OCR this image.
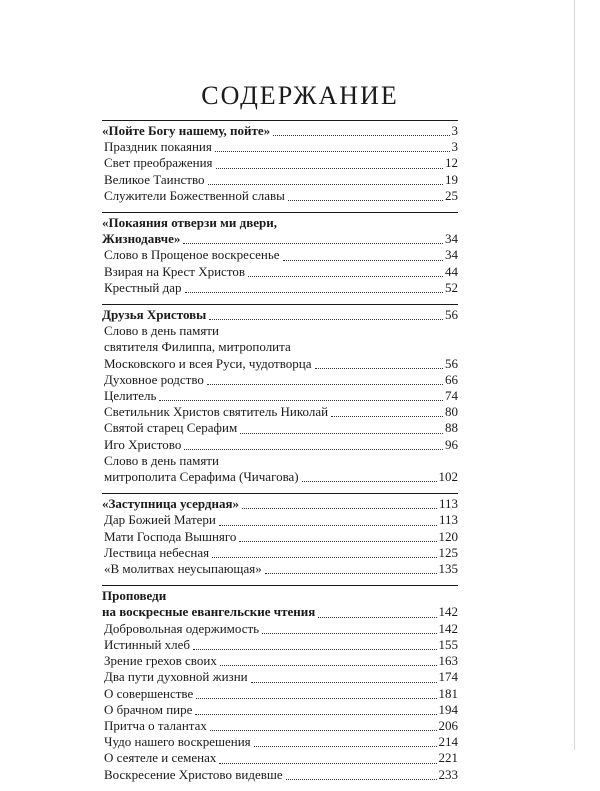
СОДЕРЖАНИЕ
«Пойте Богу нашему, пойте»	3
Праздник покаяния	3
Свет преображения	12
Великое Таинство	19
Служители Божественной славы	25
«Покаяния отверзи ми двери,
Жизнодавче»	34
Слово в Прощеное воскресенье	34
Взирая на Крест Христов	44
Крестный дар	52
Друзья Христовы	56
Слово в день памяти
святителя Филиппа, митрополита
Московского и всея Руси, чудотворца	56
Духовное родство	66
Целитель	74
Светильник Христов святитель Николай	80
Святой старец Серафим	88
Иго Христово	96
Слово в день памяти
митрополита Серафима (Чичагова)	102
«Заступница усердная»	113
Дар Божией Матери	113
Мати Господа Вышняго	120
Лествица небесная	125
«В молитвах неусыпающая»	135
Проповеди
на воскресные евангельские чтения	142
Добровольная одержимость	142
Истинный хлеб	155
Зрение грехов своих	163
Два пути духовной жизни	174
О совершенстве	181
О брачном пире	194
Притча о талантах	206
Чудо нашего воскрешения	214
О сеятеле и семенах	221
Воскресение Христово видевше	233
